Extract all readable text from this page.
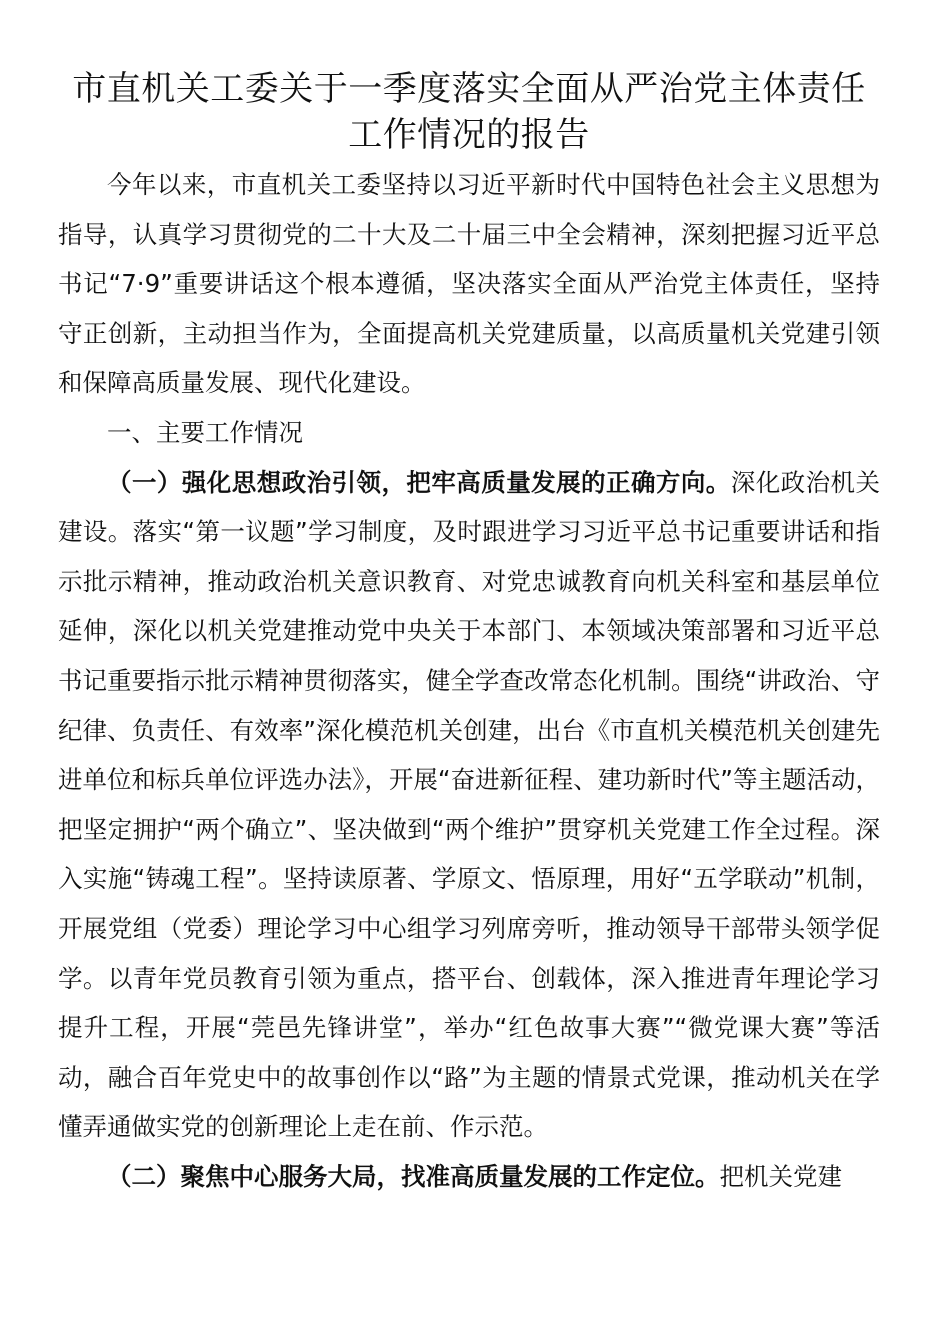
市直机关工委关于一季度落实全面从严治党主体责任
工作情况的报告

今年以来，市直机关工委坚持以习近平新时代中国特色社会主义思想为指导，认真学习贯彻党的二十大及二十届三中全会精神，深刻把握习近平总书记“7·9”重要讲话这个根本遵循，坚决落实全面从严治党主体责任，坚持守正创新，主动担当作为，全面提高机关党建质量，以高质量机关党建引领和保障高质量发展、现代化建设。

一、主要工作情况

（一）强化思想政治引领，把牢高质量发展的正确方向。深化政治机关建设。落实“第一议题”学习制度，及时跟进学习习近平总书记重要讲话和指示批示精神，推动政治机关意识教育、对党忠诚教育向机关科室和基层单位延伸，深化以机关党建推动党中央关于本部门、本领域决策部署和习近平总书记重要指示批示精神贯彻落实，健全学查改常态化机制。围绕“讲政治、守纪律、负责任、有效率”深化模范机关创建，出台《市直机关模范机关创建先进单位和标兵单位评选办法》，开展“奋进新征程、建功新时代”等主题活动，把坚定拥护“两个确立”、坚决做到“两个维护”贯穿机关党建工作全过程。深入实施“铸魂工程”。坚持读原著、学原文、悟原理，用好“五学联动”机制，开展党组（党委）理论学习中心组学习列席旁听，推动领导干部带头领学促学。以青年党员教育引领为重点，搭平台、创载体，深入推进青年理论学习提升工程，开展“莞邑先锋讲堂”，举办“红色故事大赛”“微党课大赛”等活动，融合百年党史中的故事创作以“路”为主题的情景式党课，推动机关在学懂弄通做实党的创新理论上走在前、作示范。

（二）聚焦中心服务大局，找准高质量发展的工作定位。把机关党建
